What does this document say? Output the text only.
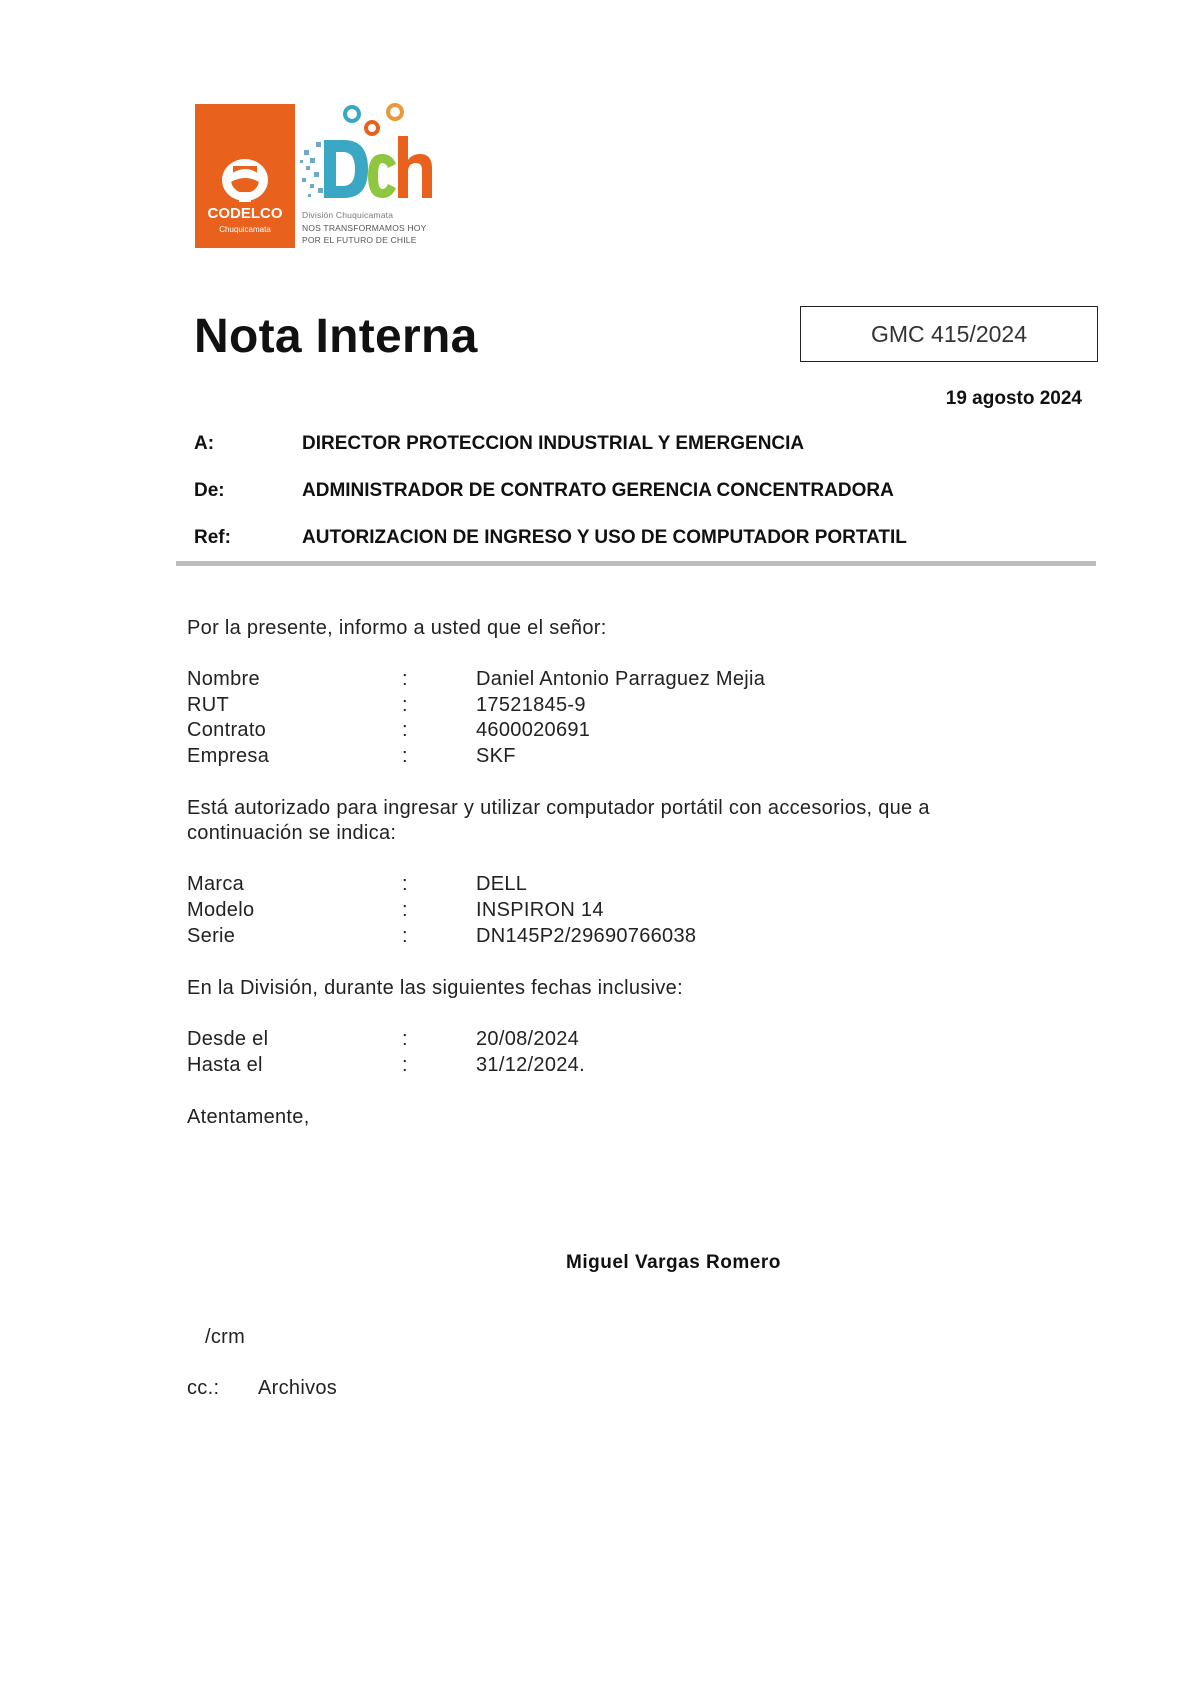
CODELCO
Chuquicamata
División Chuquicamata
NOS TRANSFORMAMOS HOY
POR EL FUTURO DE CHILE
Nota Interna	GMC 415/2024
19 agosto 2024
A:	DIRECTOR PROTECCION INDUSTRIAL Y EMERGENCIA
De:	ADMINISTRADOR DE CONTRATO GERENCIA CONCENTRADORA
Ref:	AUTORIZACION DE INGRESO Y USO DE COMPUTADOR PORTATIL
Por la presente, informo a usted que el señor:
Nombre	:	Daniel Antonio Parraguez Mejia
RUT	:	17521845-9
Contrato	:	4600020691
Empresa	:	SKF
Está autorizado para ingresar y utilizar computador portátil con accesorios, que a
continuación se indica:
Marca	:	DELL
Modelo	:	INSPIRON 14
Serie	:	DN145P2/29690766038
En la División, durante las siguientes fechas inclusive:
Desde el	:	20/08/2024
Hasta el	:	31/12/2024.
Atentamente,
Miguel Vargas Romero
/crm
cc.: Archivos
